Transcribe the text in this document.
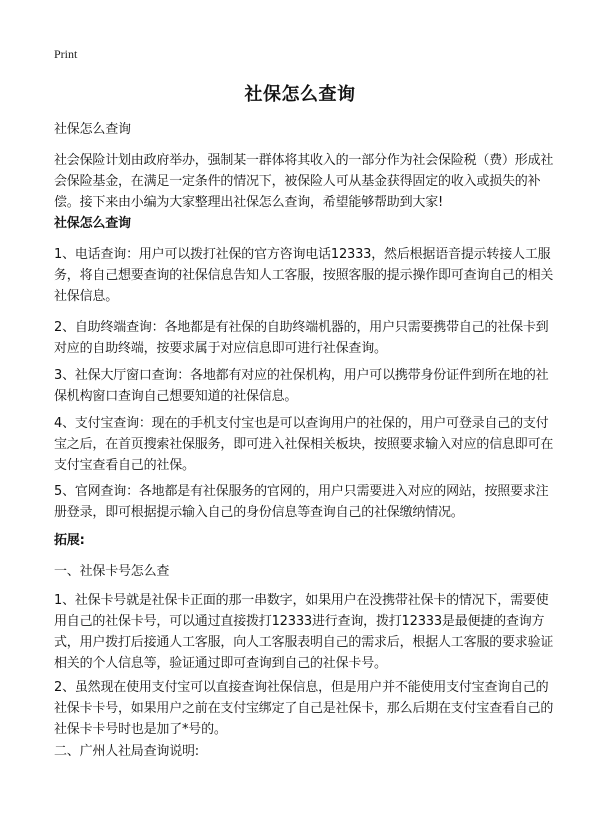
Print
社保怎么查询

社保怎么查询

社会保险计划由政府举办，强制某一群体将其收入的一部分作为社会保险税（费）形成社会保险基金，在满足一定条件的情况下，被保险人可从基金获得固定的收入或损失的补偿。接下来由小编为大家整理出社保怎么查询，希望能够帮助到大家!

社保怎么查询

1、电话查询：用户可以拨打社保的官方咨询电话12333，然后根据语音提示转接人工服务，将自己想要查询的社保信息告知人工客服，按照客服的提示操作即可查询自己的相关社保信息。

2、自助终端查询：各地都是有社保的自助终端机器的，用户只需要携带自己的社保卡到对应的自助终端，按要求属于对应信息即可进行社保查询。

3、社保大厅窗口查询：各地都有对应的社保机构，用户可以携带身份证件到所在地的社保机构窗口查询自己想要知道的社保信息。

4、支付宝查询：现在的手机支付宝也是可以查询用户的社保的，用户可登录自己的支付宝之后，在首页搜索社保服务，即可进入社保相关板块，按照要求输入对应的信息即可在支付宝查看自己的社保。

5、官网查询：各地都是有社保服务的官网的，用户只需要进入对应的网站，按照要求注册登录，即可根据提示输入自己的身份信息等查询自己的社保缴纳情况。

拓展:

一、社保卡号怎么查

1、社保卡号就是社保卡正面的那一串数字，如果用户在没携带社保卡的情况下，需要使用自己的社保卡号，可以通过直接拨打12333进行查询，拨打12333是最便捷的查询方式，用户拨打后接通人工客服，向人工客服表明自己的需求后，根据人工客服的要求验证相关的个人信息等，验证通过即可查询到自己的社保卡号。

2、虽然现在使用支付宝可以直接查询社保信息，但是用户并不能使用支付宝查询自己的社保卡卡号，如果用户之前在支付宝绑定了自己是社保卡，那么后期在支付宝查看自己的社保卡卡号时也是加了*号的。

二、广州人社局查询说明:
